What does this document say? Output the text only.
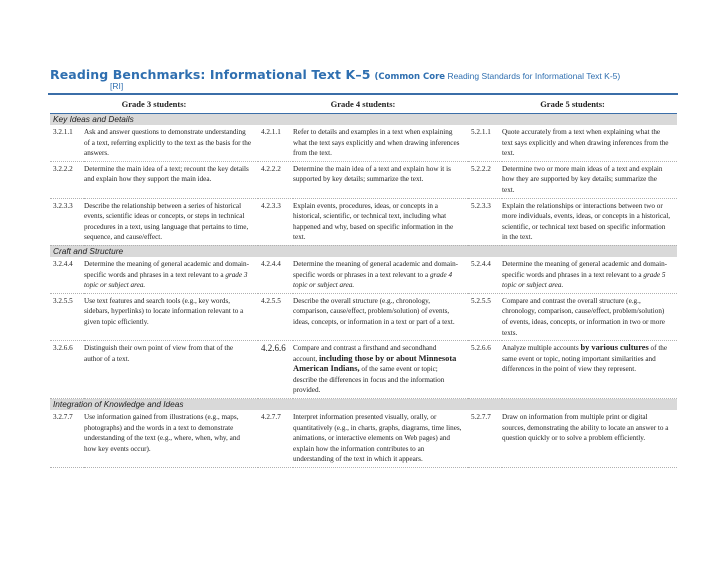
Reading Benchmarks: Informational Text K–5 (Common Core Reading Standards for Informational Text K-5)
[RI]
Grade 3 students:		Grade 4 students:		Grade 5 students:	
Key Ideas and Details					
3.2.1.1	Ask and answer questions to demonstrate understanding of a text, referring explicitly to the text as the basis for the answers.	4.2.1.1	Refer to details and examples in a text when explaining what the text says explicitly and when drawing inferences from the text.	5.2.1.1	Quote accurately from a text when explaining what the text says explicitly and when drawing inferences from the text.
3.2.2.2	Determine the main idea of a text; recount the key details and explain how they support the main idea.	4.2.2.2	Determine the main idea of a text and explain how it is supported by key details; summarize the text.	5.2.2.2	Determine two or more main ideas of a text and explain how they are supported by key details; summarize the text.
3.2.3.3	Describe the relationship between a series of historical events, scientific ideas or concepts, or steps in technical procedures in a text, using language that pertains to time, sequence, and cause/effect.	4.2.3.3	Explain events, procedures, ideas, or concepts in a historical, scientific, or technical text, including what happened and why, based on specific information in the text.	5.2.3.3	Explain the relationships or interactions between two or more individuals, events, ideas, or concepts in a historical, scientific, or technical text based on specific information in the text.
Craft and Structure					
3.2.4.4	Determine the meaning of general academic and domain-specific words and phrases in a text relevant to a grade 3 topic or subject area.	4.2.4.4	Determine the meaning of general academic and domain-specific words or phrases in a text relevant to a grade 4 topic or subject area.	5.2.4.4	Determine the meaning of general academic and domain-specific words and phrases in a text relevant to a grade 5 topic or subject area.
3.2.5.5	Use text features and search tools (e.g., key words, sidebars, hyperlinks) to locate information relevant to a given topic efficiently.	4.2.5.5	Describe the overall structure (e.g., chronology, comparison, cause/effect, problem/solution) of events, ideas, concepts, or information in a text or part of a text.	5.2.5.5	Compare and contrast the overall structure (e.g., chronology, comparison, cause/effect, problem/solution) of events, ideas, concepts, or information in two or more texts.
3.2.6.6	Distinguish their own point of view from that of the author of a text.	4.2.6.6	Compare and contrast a firsthand and secondhand account, including those by or about Minnesota American Indians, of the same event or topic; describe the differences in focus and the information provided.	5.2.6.6	Analyze multiple accounts by various cultures of the same event or topic, noting important similarities and differences in the point of view they represent.
Integration of Knowledge and Ideas					
3.2.7.7	Use information gained from illustrations (e.g., maps, photographs) and the words in a text to demonstrate understanding of the text (e.g., where, when, why, and how key events occur).	4.2.7.7	Interpret information presented visually, orally, or quantitatively (e.g., in charts, graphs, diagrams, time lines, animations, or interactive elements on Web pages) and explain how the information contributes to an understanding of the text in which it appears.	5.2.7.7	Draw on information from multiple print or digital sources, demonstrating the ability to locate an answer to a question quickly or to solve a problem efficiently.
